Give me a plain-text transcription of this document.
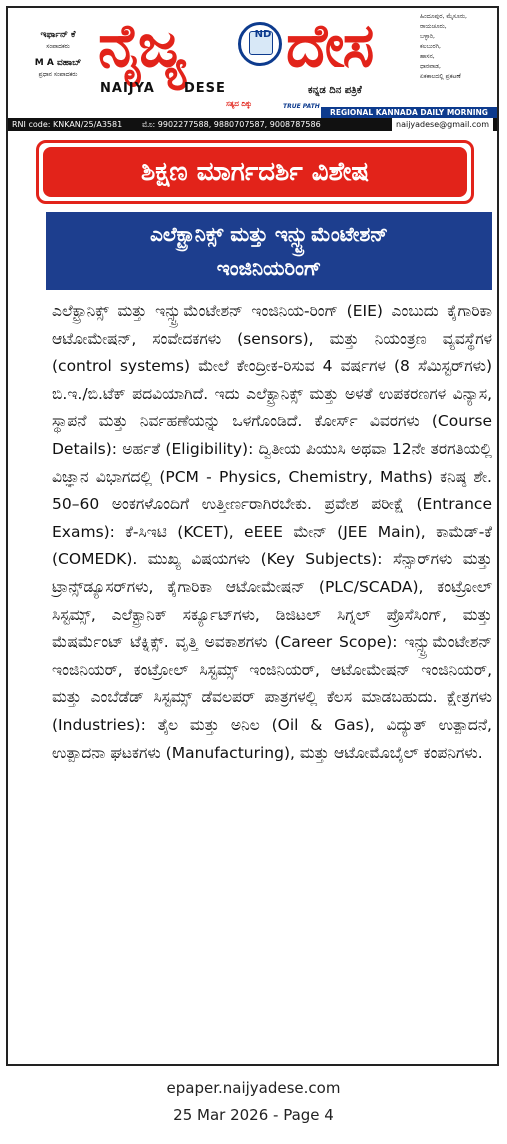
ಇರ್ಫಾನ್ ಕೆ
ಸಂಪಾದಕರು
M A ವಹಾಬ್
ಪ್ರಧಾನ ಸಂಪಾದಕರು ನೈಜ್ಯ	ND ದೇಸ
NAIJYA DESE
ಸತ್ಯದ ದಿಕ್ಕು	TRUE PATH
ಕನ್ನಡ ದಿನ ಪತ್ರಿಕೆ
ಹಿಂದೂಪುರ, ಮೈಸೂರು,
ರಾಯಚೂರು,
ಬಳ್ಳಾರಿ,
ಕಲಬುರಗಿ,
ಹಾಸನ,
ಧಾರವಾಡ,
ಏಕಕಾಲದಲ್ಲಿ ಪ್ರಕಟಣೆ
REGIONAL KANNADA DAILY MORNING
RNI code: KNKAN/25/A3581 ಮೊ: 9902277588, 9880707587, 9008787586	naijyadese@gmail.com
ಶಿಕ್ಷಣ ಮಾರ್ಗದರ್ಶಿ ವಿಶೇಷ
ಎಲೆಕ್ಟ್ರಾನಿಕ್ಸ್ ಮತ್ತು ಇನ್ಸ್ಟ್ರುಮೆಂಟೇಶನ್
ಇಂಜಿನಿಯರಿಂಗ್
ಎಲೆಕ್ಟ್ರಾನಿಕ್ಸ್ ಮತ್ತು ಇನ್ಸ್ಟ್ರುಮೆಂಟೇಶನ್ ಇಂಜಿನಿಯ-ರಿಂಗ್ (EIE) ಎಂಬುದು ಕೈಗಾರಿಕಾ ಆಟೋಮೇಷನ್, ಸಂವೇದಕಗಳು (sensors), ಮತ್ತು ನಿಯಂತ್ರಣ ವ್ಯವಸ್ಥೆಗಳ (control systems) ಮೇಲೆ ಕೇಂದ್ರೀಕ-ರಿಸುವ 4 ವರ್ಷಗಳ (8 ಸೆಮಿಸ್ಟರ್‌ಗಳು) ಬಿ.ಇ./ಬಿ.ಟೆಕ್ ಪದವಿಯಾಗಿದೆ. ಇದು ಎಲೆಕ್ಟ್ರಾನಿಕ್ಸ್ ಮತ್ತು ಅಳತೆ ಉಪಕರಣಗಳ ವಿನ್ಯಾಸ, ಸ್ಥಾಪನೆ ಮತ್ತು ನಿರ್ವಹಣೆಯನ್ನು ಒಳಗೊಂಡಿದೆ. ಕೋರ್ಸ್ ವಿವರಗಳು (Course Details): ಅರ್ಹತೆ (Eligibility): ದ್ವಿತೀಯ ಪಿಯುಸಿ ಅಥವಾ 12ನೇ ತರಗತಿಯಲ್ಲಿ ವಿಜ್ಞಾನ ವಿಭಾಗದಲ್ಲಿ (PCM - Physics, Chemistry, Maths) ಕನಿಷ್ಠ ಶೇ. 50–60 ಅಂಕಗಳೊಂದಿಗೆ ಉತ್ತೀರ್ಣರಾಗಿರಬೇಕು. ಪ್ರವೇಶ ಪರೀಕ್ಷೆ (Entrance Exams): ಕೆ-ಸಿಇಟಿ (KCET), eEEE ಮೇನ್ (JEE Main), ಕಾಮೆಡ್-ಕೆ (COMEDK). ಮುಖ್ಯ ವಿಷಯಗಳು (Key Subjects): ಸೆನ್ಸಾರ್‌ಗಳು ಮತ್ತು ಟ್ರಾನ್ಸ್‌ಡ್ಯೂಸರ್‌ಗಳು, ಕೈಗಾರಿಕಾ ಆಟೋಮೇಷನ್ (PLC/SCADA), ಕಂಟ್ರೋಲ್ ಸಿಸ್ಟಮ್ಸ್, ಎಲೆಕ್ಟ್ರಾನಿಕ್ ಸರ್ಕ್ಯೂಟ್‌ಗಳು, ಡಿಜಿಟಲ್ ಸಿಗ್ನಲ್ ಪ್ರೊಸೆಸಿಂಗ್, ಮತ್ತು ಮೆಷರ್ಮೆಂಟ್ ಟೆಕ್ನಿಕ್ಸ್. ವೃತ್ತಿ ಅವಕಾಶಗಳು (Career Scope): ಇನ್ಸ್ಟ್ರುಮೆಂಟೇಶನ್ ಇಂಜಿನಿಯರ್, ಕಂಟ್ರೋಲ್ ಸಿಸ್ಟಮ್ಸ್ ಇಂಜಿನಿಯರ್, ಆಟೋಮೇಷನ್ ಇಂಜಿನಿಯರ್, ಮತ್ತು ಎಂಬೆಡೆಡ್ ಸಿಸ್ಟಮ್ಸ್ ಡೆವಲಪರ್ ಪಾತ್ರಗಳಲ್ಲಿ ಕೆಲಸ ಮಾಡಬಹುದು. ಕ್ಷೇತ್ರಗಳು (Industries): ತೈಲ ಮತ್ತು ಅನಿಲ (Oil & Gas), ವಿದ್ಯುತ್ ಉತ್ಪಾದನೆ, ಉತ್ಪಾದನಾ ಘಟಕಗಳು (Manufacturing), ಮತ್ತು ಆಟೋಮೊಬೈಲ್ ಕಂಪನಿಗಳು.
epaper.naijyadese.com
25 Mar 2026 - Page 4
